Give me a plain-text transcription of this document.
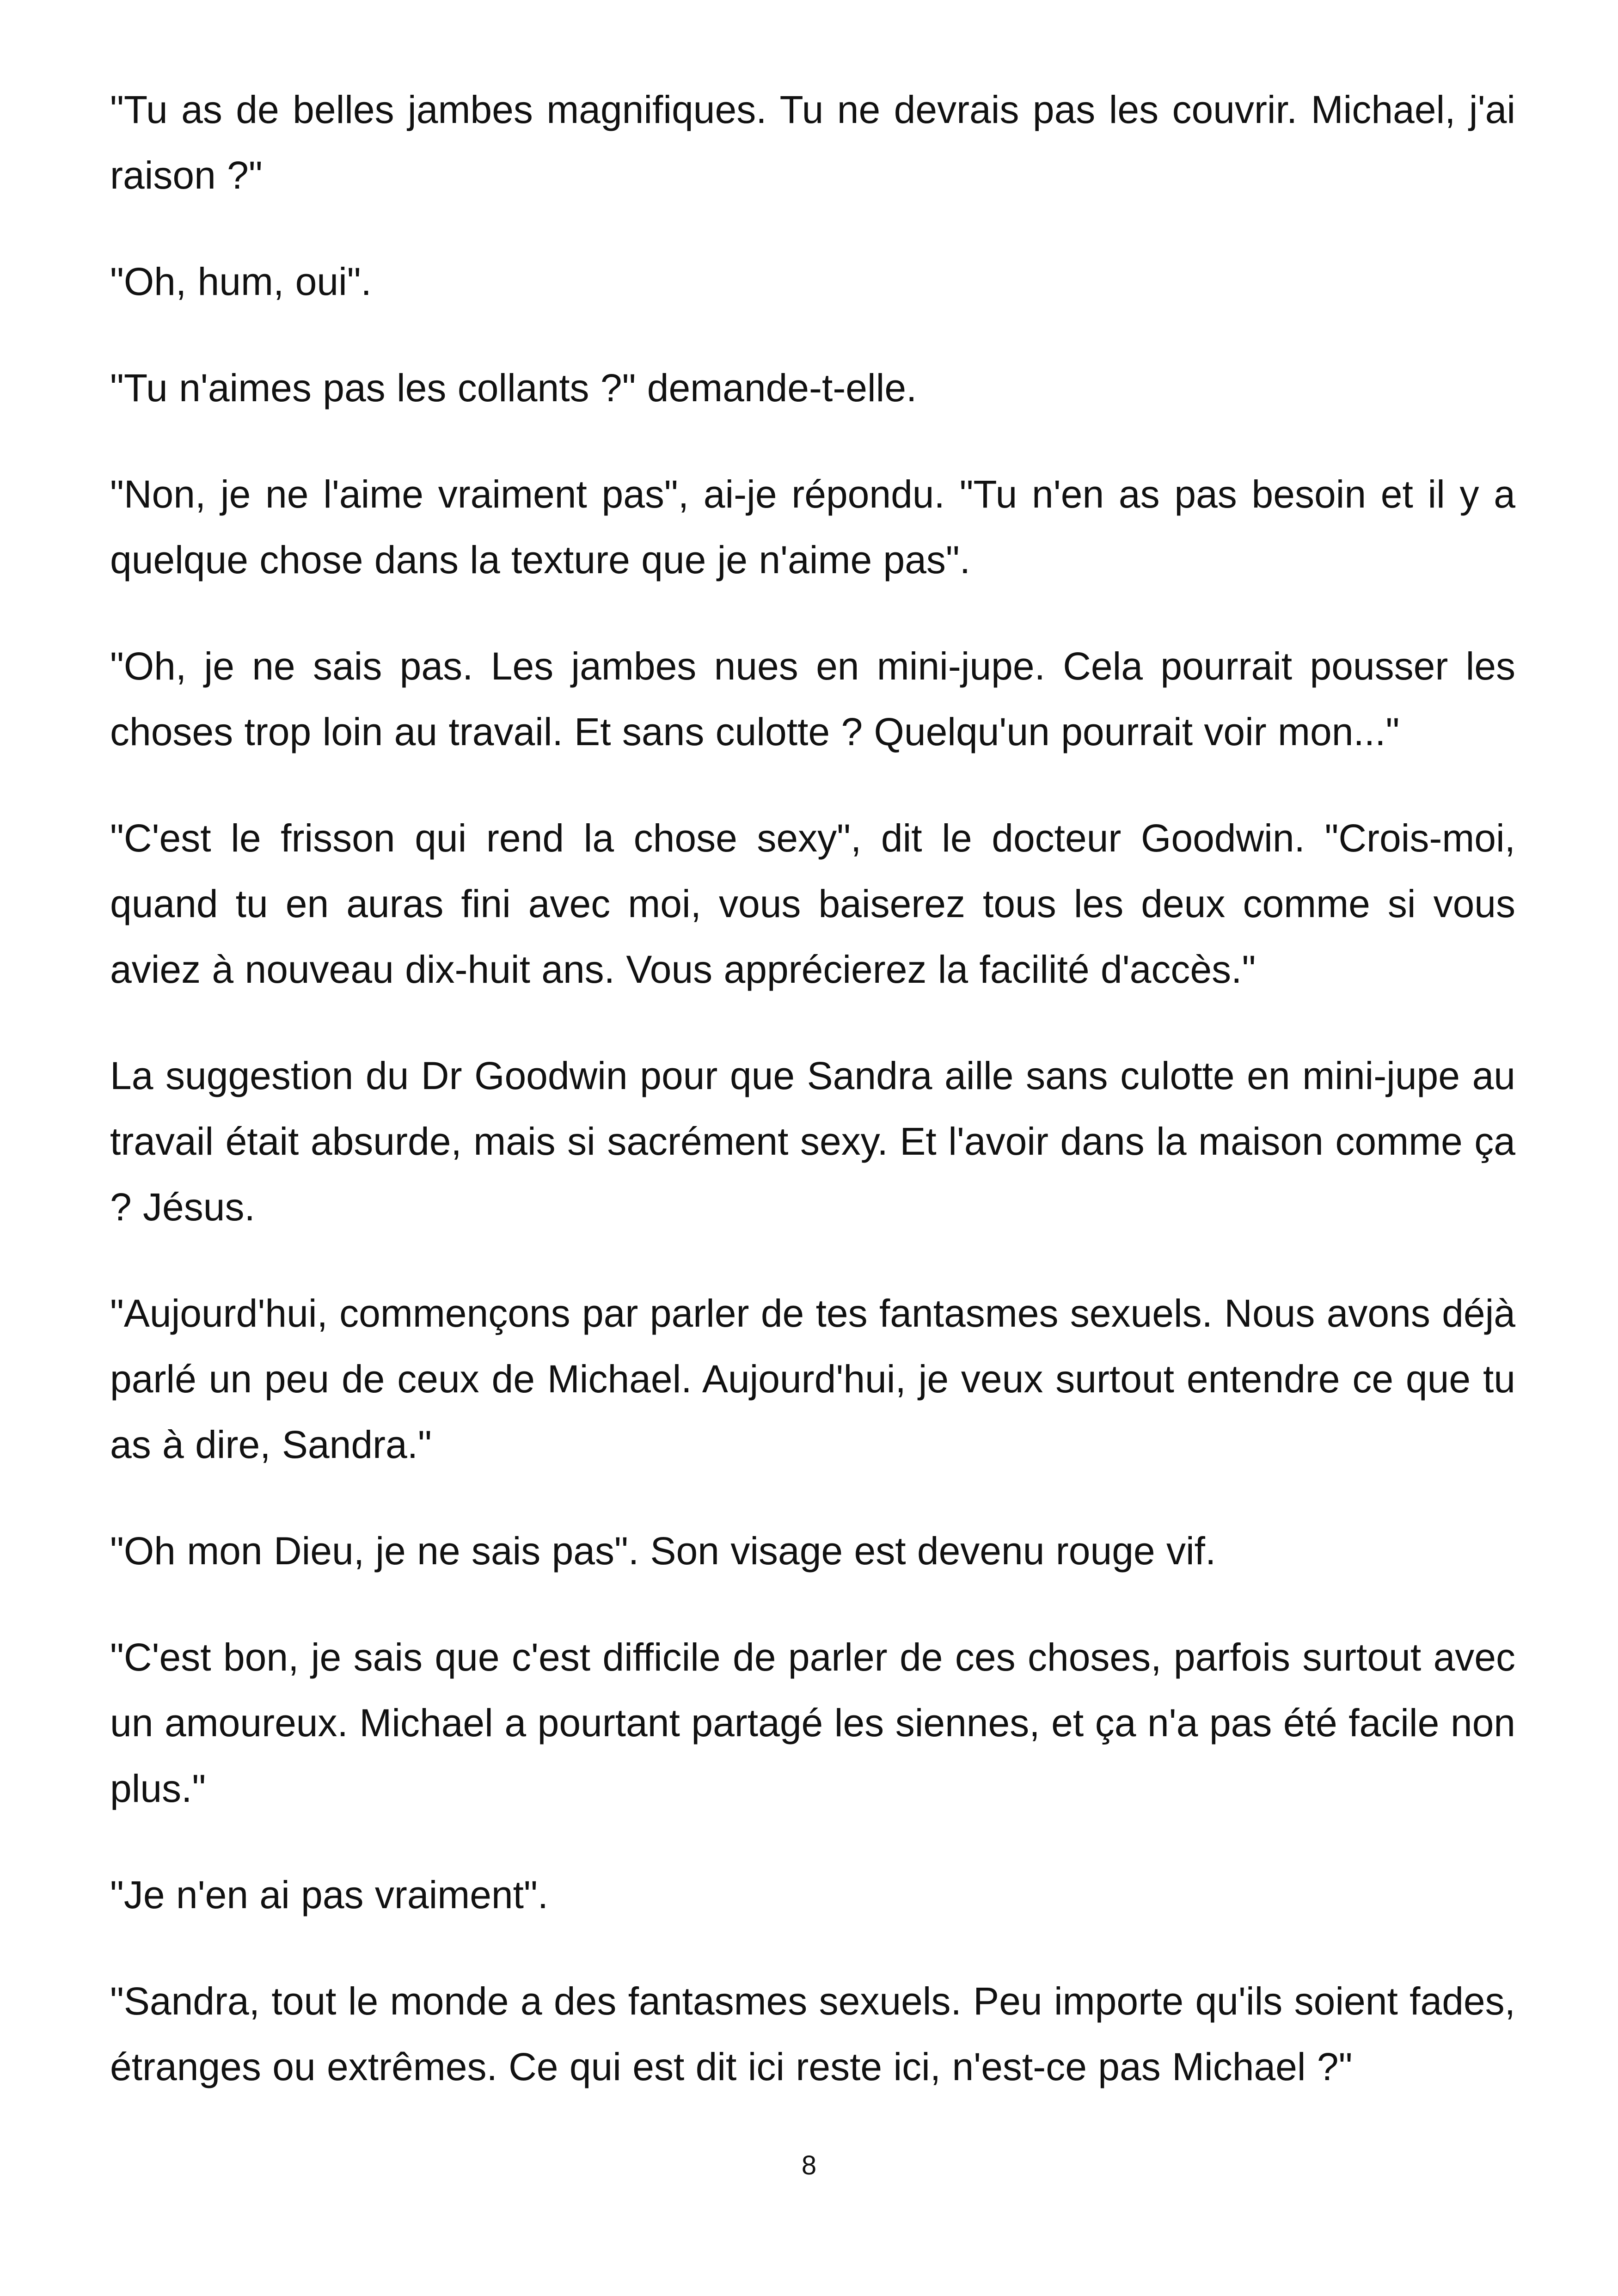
"Tu as de belles jambes magnifiques. Tu ne devrais pas les couvrir. Michael, j'ai raison ?"

"Oh, hum, oui".

"Tu n'aimes pas les collants ?" demande-t-elle.

"Non, je ne l'aime vraiment pas", ai-je répondu. "Tu n'en as pas besoin et il y a quelque chose dans la texture que je n'aime pas".

"Oh, je ne sais pas. Les jambes nues en mini-jupe. Cela pourrait pousser les choses trop loin au travail. Et sans culotte ? Quelqu'un pourrait voir mon..."

"C'est le frisson qui rend la chose sexy", dit le docteur Goodwin. "Crois-moi, quand tu en auras fini avec moi, vous baiserez tous les deux comme si vous aviez à nouveau dix-huit ans. Vous apprécierez la facilité d'accès."

La suggestion du Dr Goodwin pour que Sandra aille sans culotte en mini-jupe au travail était absurde, mais si sacrément sexy. Et l'avoir dans la maison comme ça ? Jésus.

"Aujourd'hui, commençons par parler de tes fantasmes sexuels. Nous avons déjà parlé un peu de ceux de Michael. Aujourd'hui, je veux surtout entendre ce que tu as à dire, Sandra."

"Oh mon Dieu, je ne sais pas". Son visage est devenu rouge vif.

"C'est bon, je sais que c'est difficile de parler de ces choses, parfois surtout avec un amoureux. Michael a pourtant partagé les siennes, et ça n'a pas été facile non plus."

"Je n'en ai pas vraiment".

"Sandra, tout le monde a des fantasmes sexuels. Peu importe qu'ils soient fades, étranges ou extrêmes. Ce qui est dit ici reste ici, n'est-ce pas Michael ?"

8
